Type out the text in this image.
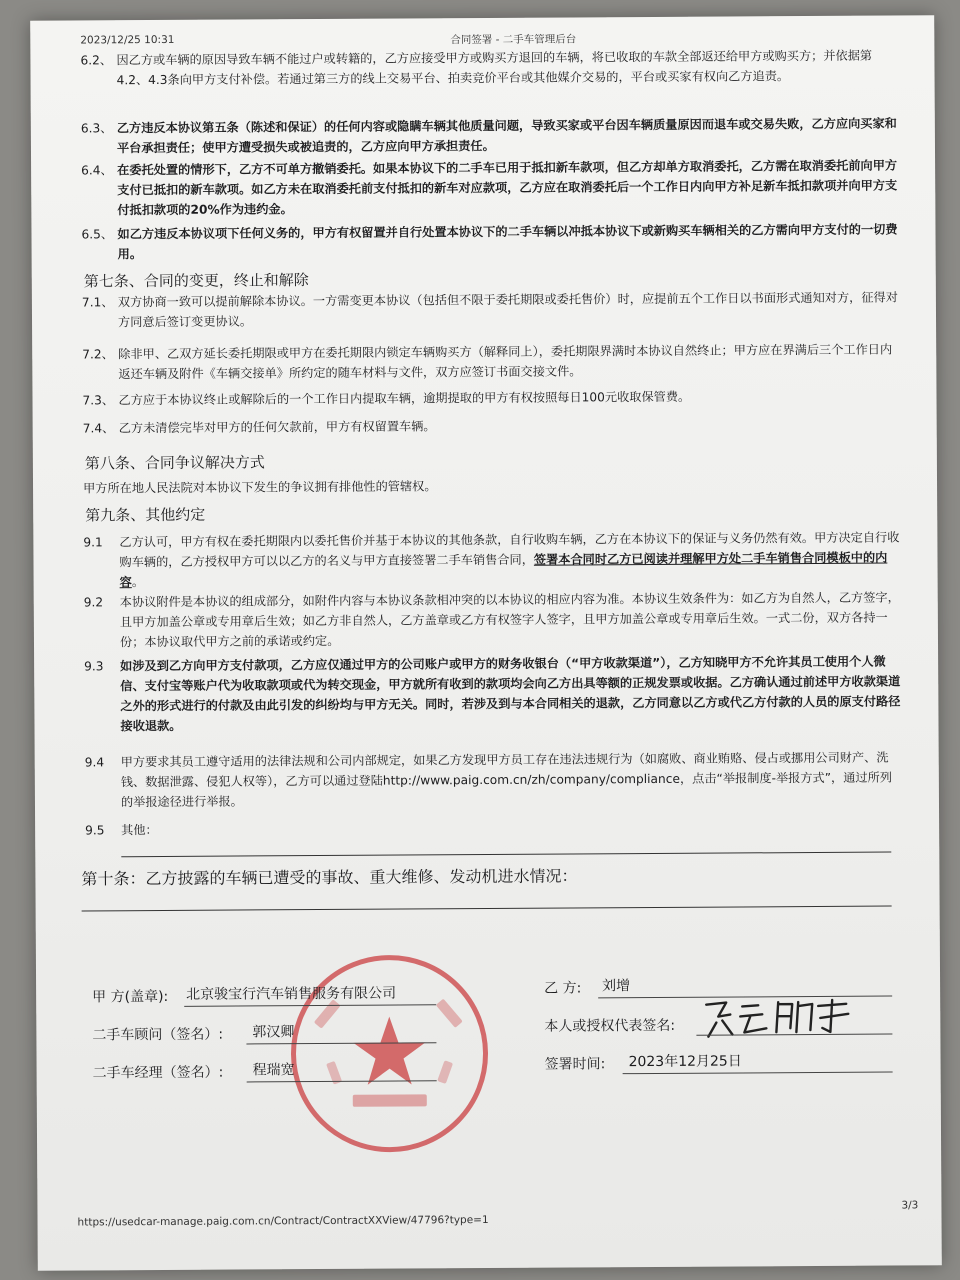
2023/12/25 10:31	合同签署 - 二手车管理后台
6.2、 因乙方或车辆的原因导致车辆不能过户或转籍的，乙方应接受甲方或购买方退回的车辆，将已收取的车款全部返还给甲方或购买方；并依据第4.2、4.3条向甲方支付补偿。若通过第三方的线上交易平台、拍卖竞价平台或其他媒介交易的，平台或买家有权向乙方追责。
6.3、 乙方违反本协议第五条（陈述和保证）的任何内容或隐瞒车辆其他质量问题，导致买家或平台因车辆质量原因而退车或交易失败，乙方应向买家和平台承担责任；使甲方遭受损失或被追责的，乙方应向甲方承担责任。
6.4、 在委托处置的情形下，乙方不可单方撤销委托。如果本协议下的二手车已用于抵扣新车款项，但乙方却单方取消委托，乙方需在取消委托前向甲方支付已抵扣的新车款项。如乙方未在取消委托前支付抵扣的新车对应款项，乙方应在取消委托后一个工作日内向甲方补足新车抵扣款项并向甲方支付抵扣款项的20%作为违约金。
6.5、 如乙方违反本协议项下任何义务的，甲方有权留置并自行处置本协议下的二手车辆以冲抵本协议下或新购买车辆相关的乙方需向甲方支付的一切费用。
第七条、合同的变更，终止和解除
7.1、 双方协商一致可以提前解除本协议。一方需变更本协议（包括但不限于委托期限或委托售价）时，应提前五个工作日以书面形式通知对方，征得对方同意后签订变更协议。
7.2、 除非甲、乙双方延长委托期限或甲方在委托期限内锁定车辆购买方（解释同上），委托期限界满时本协议自然终止；甲方应在界满后三个工作日内返还车辆及附件《车辆交接单》所约定的随车材料与文件，双方应签订书面交接文件。
7.3、 乙方应于本协议终止或解除后的一个工作日内提取车辆，逾期提取的甲方有权按照每日100元收取保管费。
7.4、 乙方未清偿完毕对甲方的任何欠款前，甲方有权留置车辆。
第八条、合同争议解决方式
甲方所在地人民法院对本协议下发生的争议拥有排他性的管辖权。
第九条、其他约定
9.1	乙方认可，甲方有权在委托期限内以委托售价并基于本协议的其他条款，自行收购车辆，乙方在本协议下的保证与义务仍然有效。甲方决定自行收购车辆的，乙方授权甲方可以以乙方的名义与甲方直接签署二手车销售合同，签署本合同时乙方已阅读并理解甲方处二手车销售合同模板中的内容。
9.2	本协议附件是本协议的组成部分，如附件内容与本协议条款相冲突的以本协议的相应内容为准。本协议生效条件为：如乙方为自然人，乙方签字，且甲方加盖公章或专用章后生效；如乙方非自然人，乙方盖章或乙方有权签字人签字，且甲方加盖公章或专用章后生效。一式二份，双方各持一份；本协议取代甲方之前的承诺或约定。
9.3	如涉及到乙方向甲方支付款项，乙方应仅通过甲方的公司账户或甲方的财务收银台（“甲方收款渠道”），乙方知晓甲方不允许其员工使用个人微信、支付宝等账户代为收取款项或代为转交现金，甲方就所有收到的款项均会向乙方出具等额的正规发票或收据。乙方确认通过前述甲方收款渠道之外的形式进行的付款及由此引发的纠纷均与甲方无关。同时，若涉及到与本合同相关的退款，乙方同意以乙方或代乙方付款的人员的原支付路径接收退款。
9.4	甲方要求其员工遵守适用的法律法规和公司内部规定，如果乙方发现甲方员工存在违法违规行为（如腐败、商业贿赂、侵占或挪用公司财产、洗钱、数据泄露、侵犯人权等），乙方可以通过登陆http://www.paig.com.cn/zh/company/compliance，点击“举报制度-举报方式”，通过所列的举报途径进行举报。
9.5	其他：
第十条：乙方披露的车辆已遭受的事故、重大维修、发动机进水情况：
甲 方(盖章): 北京骏宝行汽车销售服务有限公司
二手车顾问（签名）: 郭汉卿
二手车经理（签名）: 程瑞宽
乙 方: 刘增
本人或授权代表签名:
签署时间: 2023年12月25日
3/3
https://usedcar-manage.paig.com.cn/Contract/ContractXXView/47796?type=1
